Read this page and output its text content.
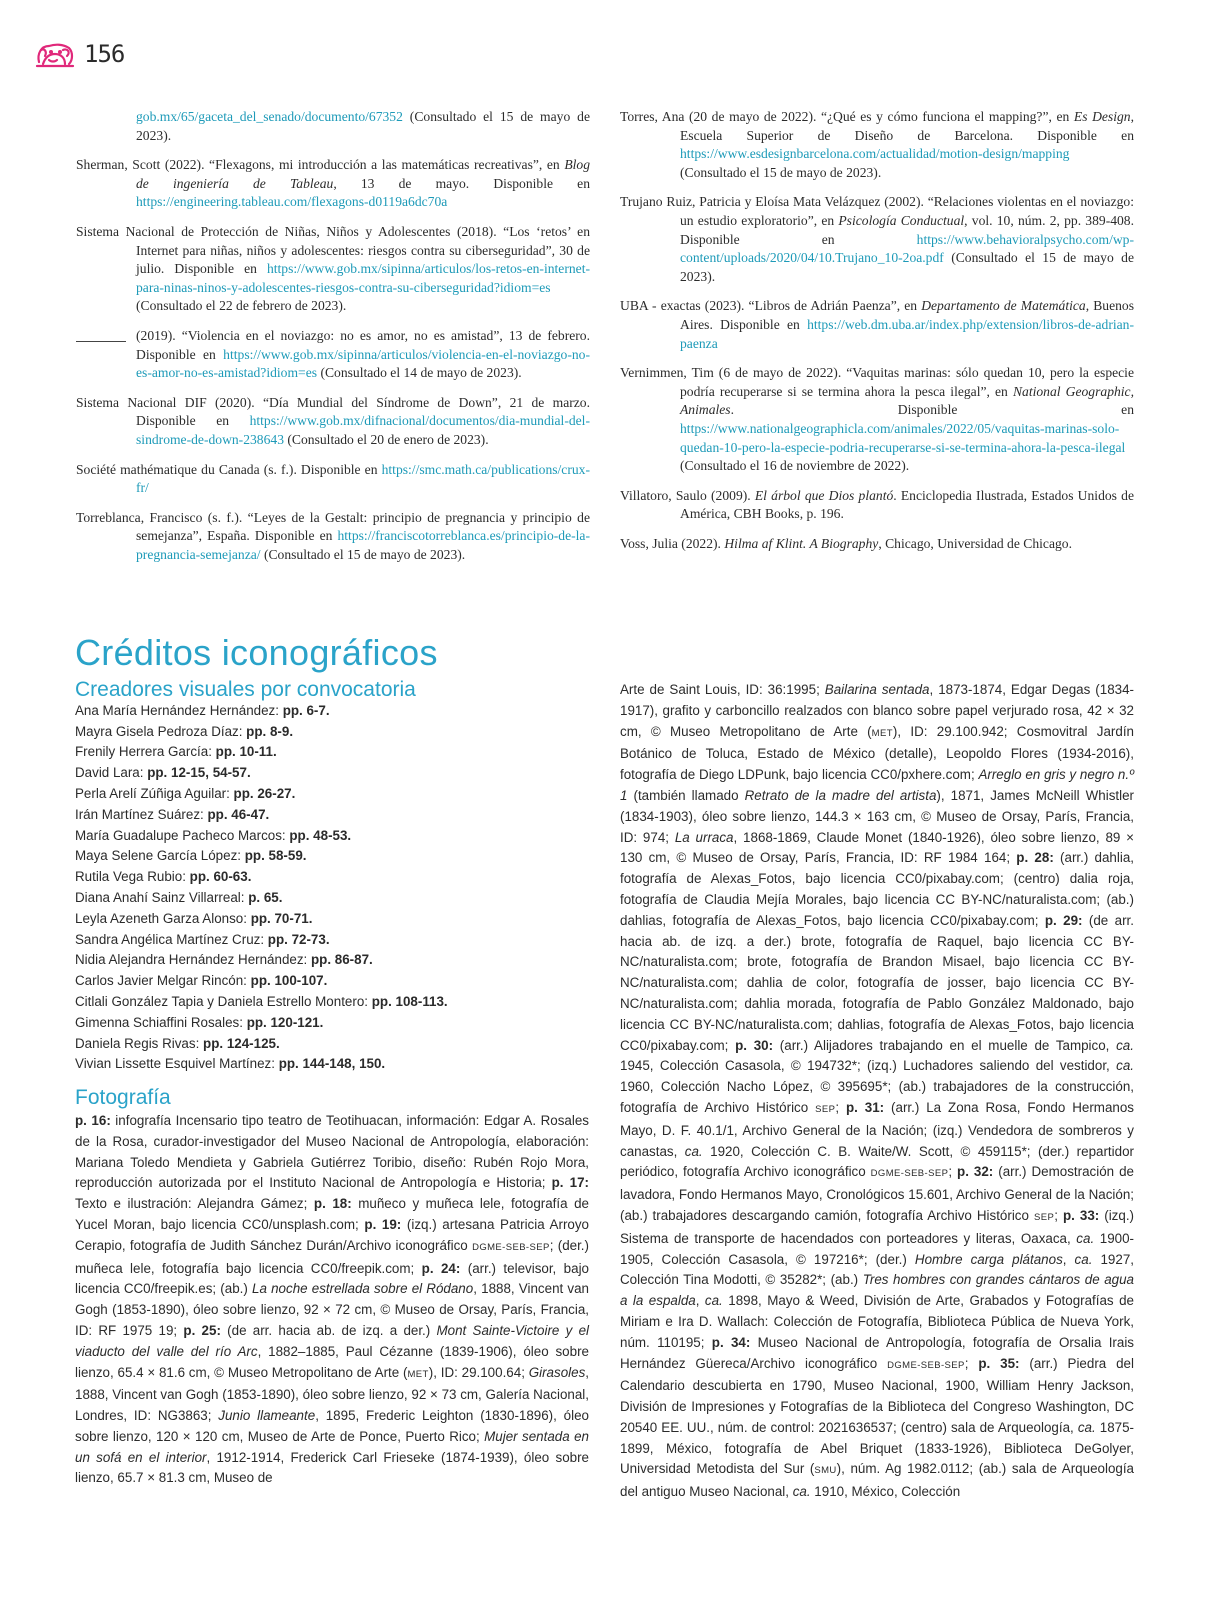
156

gob.mx/65/gaceta_del_senado/documento/67352 (Consultado el 15 de mayo de 2023).

Sherman, Scott (2022). “Flexagons, mi introducción a las matemáticas recreativas”, en Blog de ingeniería de Tableau, 13 de mayo. Disponible en https://engineering.tableau.com/flexagons-d0119a6dc70a

Sistema Nacional de Protección de Niñas, Niños y Adolescentes (2018). “Los ‘retos’ en Internet para niñas, niños y adolescentes: riesgos contra su ciberseguridad”, 30 de julio. Disponible en https://www.gob.mx/sipinna/articulos/los-retos-en-internet-para-ninas-ninos-y-adolescentes-riesgos-contra-su-ciberseguridad?idiom=es (Consultado el 22 de febrero de 2023).

(2019). “Violencia en el noviazgo: no es amor, no es amistad”, 13 de febrero. Disponible en https://www.gob.mx/sipinna/articulos/violencia-en-el-noviazgo-no-es-amor-no-es-amistad?idiom=es (Consultado el 14 de mayo de 2023).

Sistema Nacional DIF (2020). “Día Mundial del Síndrome de Down”, 21 de marzo. Disponible en https://www.gob.mx/difnacional/documentos/dia-mundial-del-sindrome-de-down-238643 (Consultado el 20 de enero de 2023).

Société mathématique du Canada (s. f.). Disponible en https://smc.math.ca/publications/crux-fr/

Torreblanca, Francisco (s. f.). “Leyes de la Gestalt: principio de pregnancia y principio de semejanza”, España. Disponible en https://franciscotorreblanca.es/principio-de-la-pregnancia-semejanza/ (Consultado el 15 de mayo de 2023).

Torres, Ana (20 de mayo de 2022). “¿Qué es y cómo funciona el mapping?”, en Es Design, Escuela Superior de Diseño de Barcelona. Disponible en https://www.esdesignbarcelona.com/actualidad/motion-design/mapping (Consultado el 15 de mayo de 2023).

Trujano Ruiz, Patricia y Eloísa Mata Velázquez (2002). “Relaciones violentas en el noviazgo: un estudio exploratorio”, en Psicología Conductual, vol. 10, núm. 2, pp. 389-408. Disponible en https://www.behavioralpsycho.com/wp-content/uploads/2020/04/10.Trujano_10-2oa.pdf (Consultado el 15 de mayo de 2023).

UBA - exactas (2023). “Libros de Adrián Paenza”, en Departamento de Matemática, Buenos Aires. Disponible en https://web.dm.uba.ar/index.php/extension/libros-de-adrian-paenza

Vernimmen, Tim (6 de mayo de 2022). “Vaquitas marinas: sólo quedan 10, pero la especie podría recuperarse si se termina ahora la pesca ilegal”, en National Geographic, Animales. Disponible en https://www.nationalgeographicla.com/animales/2022/05/vaquitas-marinas-solo-quedan-10-pero-la-especie-podria-recuperarse-si-se-termina-ahora-la-pesca-ilegal (Consultado el 16 de noviembre de 2022).

Villatoro, Saulo (2009). El árbol que Dios plantó. Enciclopedia Ilustrada, Estados Unidos de América, CBH Books, p. 196.

Voss, Julia (2022). Hilma af Klint. A Biography, Chicago, Universidad de Chicago.

Créditos iconográficos
Creadores visuales por convocatoria

Ana María Hernández Hernández: pp. 6-7.

Mayra Gisela Pedroza Díaz: pp. 8-9.

Frenily Herrera García: pp. 10-11.

David Lara: pp. 12-15, 54-57.

Perla Arelí Zúñiga Aguilar: pp. 26-27.

Irán Martínez Suárez: pp. 46-47.

María Guadalupe Pacheco Marcos: pp. 48-53.

Maya Selene García López: pp. 58-59.

Rutila Vega Rubio: pp. 60-63.

Diana Anahí Sainz Villarreal: p. 65.

Leyla Azeneth Garza Alonso: pp. 70-71.

Sandra Angélica Martínez Cruz: pp. 72-73.

Nidia Alejandra Hernández Hernández: pp. 86-87.

Carlos Javier Melgar Rincón: pp. 100-107.

Citlali González Tapia y Daniela Estrello Montero: pp. 108-113.

Gimenna Schiaffini Rosales: pp. 120-121.

Daniela Regis Rivas: pp. 124-125.

Vivian Lissette Esquivel Martínez: pp. 144-148, 150.

Fotografía

p. 16: infografía Incensario tipo teatro de Teotihuacan, información: Edgar A. Rosales de la Rosa, curador-investigador del Museo Nacional de Antropología, elaboración: Mariana Toledo Mendieta y Gabriela Gutiérrez Toribio, diseño: Rubén Rojo Mora, reproducción autorizada por el Instituto Nacional de Antropología e Historia; p. 17: Texto e ilustración: Alejandra Gámez; p. 18: muñeco y muñeca lele, fotografía de Yucel Moran, bajo licencia CC0/unsplash.com; p. 19: (izq.) artesana Patricia Arroyo Cerapio, fotografía de Judith Sánchez Durán/Archivo iconográfico DGME-SEB-SEP; (der.) muñeca lele, fotografía bajo licencia CC0/freepik.com; p. 24: (arr.) televisor, bajo licencia CC0/freepik.es; (ab.) La noche estrellada sobre el Ródano, 1888, Vincent van Gogh (1853-1890), óleo sobre lienzo, 92 × 72 cm, © Museo de Orsay, París, Francia, ID: RF 1975 19; p. 25: (de arr. hacia ab. de izq. a der.) Mont Sainte-Victoire y el viaducto del valle del río Arc, 1882–1885, Paul Cézanne (1839-1906), óleo sobre lienzo, 65.4 × 81.6 cm, © Museo Metropolitano de Arte (MET), ID: 29.100.64; Girasoles, 1888, Vincent van Gogh (1853-1890), óleo sobre lienzo, 92 × 73 cm, Galería Nacional, Londres, ID: NG3863; Junio llameante, 1895, Frederic Leighton (1830-1896), óleo sobre lienzo, 120 × 120 cm, Museo de Arte de Ponce, Puerto Rico; Mujer sentada en un sofá en el interior, 1912-1914, Frederick Carl Frieseke (1874-1939), óleo sobre lienzo, 65.7 × 81.3 cm, Museo de

Arte de Saint Louis, ID: 36:1995; Bailarina sentada, 1873-1874, Edgar Degas (1834-1917), grafito y carboncillo realzados con blanco sobre papel verjurado rosa, 42 × 32 cm, © Museo Metropolitano de Arte (MET), ID: 29.100.942; Cosmovitral Jardín Botánico de Toluca, Estado de México (detalle), Leopoldo Flores (1934-2016), fotografía de Diego LDPunk, bajo licencia CC0/pxhere.com; Arreglo en gris y negro n.º 1 (también llamado Retrato de la madre del artista), 1871, James McNeill Whistler (1834-1903), óleo sobre lienzo, 144.3 × 163 cm, © Museo de Orsay, París, Francia, ID: 974; La urraca, 1868-1869, Claude Monet (1840-1926), óleo sobre lienzo, 89 × 130 cm, © Museo de Orsay, París, Francia, ID: RF 1984 164; p. 28: (arr.) dahlia, fotografía de Alexas_Fotos, bajo licencia CC0/pixabay.com; (centro) dalia roja, fotografía de Claudia Mejía Morales, bajo licencia CC BY-NC/naturalista.com; (ab.) dahlias, fotografía de Alexas_Fotos, bajo licencia CC0/pixabay.com; p. 29: (de arr. hacia ab. de izq. a der.) brote, fotografía de Raquel, bajo licencia CC BY-NC/naturalista.com; brote, fotografía de Brandon Misael, bajo licencia CC BY-NC/naturalista.com; dahlia de color, fotografía de josser, bajo licencia CC BY-NC/naturalista.com; dahlia morada, fotografía de Pablo González Maldonado, bajo licencia CC BY-NC/naturalista.com; dahlias, fotografía de Alexas_Fotos, bajo licencia CC0/pixabay.com; p. 30: (arr.) Alijadores trabajando en el muelle de Tampico, ca. 1945, Colección Casasola, © 194732*; (izq.) Luchadores saliendo del vestidor, ca. 1960, Colección Nacho López, © 395695*; (ab.) trabajadores de la construcción, fotografía de Archivo Histórico SEP; p. 31: (arr.) La Zona Rosa, Fondo Hermanos Mayo, D. F. 40.1/1, Archivo General de la Nación; (izq.) Vendedora de sombreros y canastas, ca. 1920, Colección C. B. Waite/W. Scott, © 459115*; (der.) repartidor periódico, fotografía Archivo iconográfico DGME-SEB-SEP; p. 32: (arr.) Demostración de lavadora, Fondo Hermanos Mayo, Cronológicos 15.601, Archivo General de la Nación; (ab.) trabajadores descargando camión, fotografía Archivo Histórico SEP; p. 33: (izq.) Sistema de transporte de hacendados con porteadores y literas, Oaxaca, ca. 1900-1905, Colección Casasola, © 197216*; (der.) Hombre carga plátanos, ca. 1927, Colección Tina Modotti, © 35282*; (ab.) Tres hombres con grandes cántaros de agua a la espalda, ca. 1898, Mayo & Weed, División de Arte, Grabados y Fotografías de Miriam e Ira D. Wallach: Colección de Fotografía, Biblioteca Pública de Nueva York, núm. 110195; p. 34: Museo Nacional de Antropología, fotografía de Orsalia Irais Hernández Güereca/Archivo iconográfico DGME-SEB-SEP; p. 35: (arr.) Piedra del Calendario descubierta en 1790, Museo Nacional, 1900, William Henry Jackson, División de Impresiones y Fotografías de la Biblioteca del Congreso Washington, DC 20540 EE. UU., núm. de control: 2021636537; (centro) sala de Arqueología, ca. 1875-1899, México, fotografía de Abel Briquet (1833-1926), Biblioteca DeGolyer, Universidad Metodista del Sur (SMU), núm. Ag 1982.0112; (ab.) sala de Arqueología del antiguo Museo Nacional, ca. 1910, México, Colección
